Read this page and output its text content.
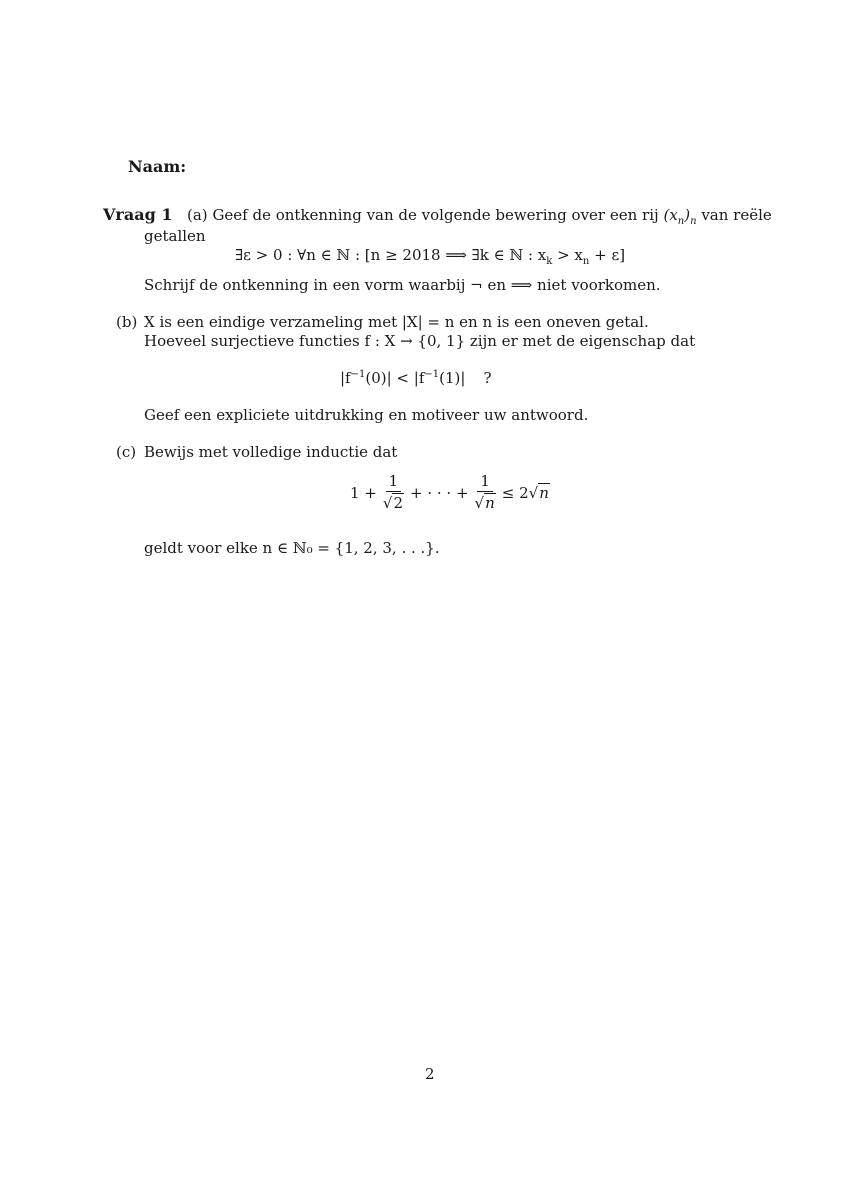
Naam:
Vraag 1 (a) Geef de ontkenning van de volgende bewering over een rij $(x_n)_n$ van reële
getallen
∃ε > 0 : ∀n ∈ ℕ : [n ≥ 2018 ⟹ ∃k ∈ ℕ : $x_k > x_n + \varepsilon$]
Schrijf de ontkenning in een vorm waarbij ¬ en ⟹ niet voorkomen.
(b) X is een eindige verzameling met |X| = n en n is een oneven getal.
Hoeveel surjectieve functies f : X → {0, 1} zijn er met de eigenschap dat
$|f^{-1}(0)| < |f^{-1}(1)|$ ?
Geef een expliciete uitdrukking en motiveer uw antwoord.
(c) Bewijs met volledige inductie dat
$1 + \frac{1}{√2}$ + · · · + $\frac{1}{√n} \le 2$ √n
geldt voor elke n ∈ ℕ₀ = {1, 2, 3, . . .}.
2
